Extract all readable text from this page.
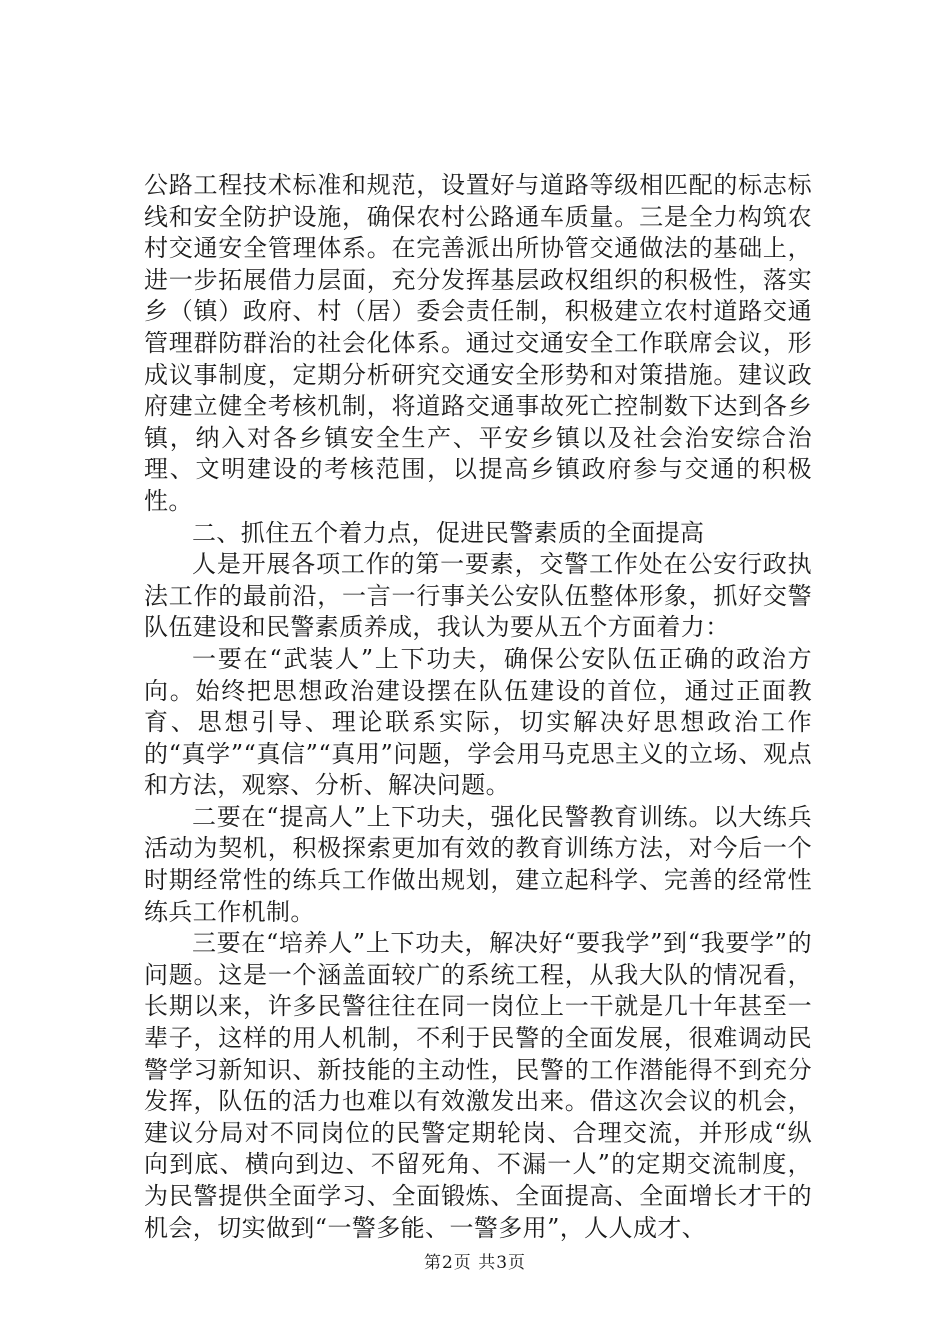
公路工程技术标准和规范，设置好与道路等级相匹配的标志标线和安全防护设施，确保农村公路通车质量。三是全力构筑农村交通安全管理体系。在完善派出所协管交通做法的基础上，进一步拓展借力层面，充分发挥基层政权组织的积极性，落实乡（镇）政府、村（居）委会责任制，积极建立农村道路交通管理群防群治的社会化体系。通过交通安全工作联席会议，形成议事制度，定期分析研究交通安全形势和对策措施。建议政府建立健全考核机制，将道路交通事故死亡控制数下达到各乡镇，纳入对各乡镇安全生产、平安乡镇以及社会治安综合治理、文明建设的考核范围，以提高乡镇政府参与交通的积极性。

二、抓住五个着力点，促进民警素质的全面提高

人是开展各项工作的第一要素，交警工作处在公安行政执法工作的最前沿，一言一行事关公安队伍整体形象，抓好交警队伍建设和民警素质养成，我认为要从五个方面着力：

一要在“武装人”上下功夫，确保公安队伍正确的政治方向。始终把思想政治建设摆在队伍建设的首位，通过正面教育、思想引导、理论联系实际，切实解决好思想政治工作的“真学”“真信”“真用”问题，学会用马克思主义的立场、观点和方法，观察、分析、解决问题。

二要在“提高人”上下功夫，强化民警教育训练。以大练兵活动为契机，积极探索更加有效的教育训练方法，对今后一个时期经常性的练兵工作做出规划，建立起科学、完善的经常性练兵工作机制。

三要在“培养人”上下功夫，解决好“要我学”到“我要学”的问题。这是一个涵盖面较广的系统工程，从我大队的情况看，长期以来，许多民警往往在同一岗位上一干就是几十年甚至一辈子，这样的用人机制，不利于民警的全面发展，很难调动民警学习新知识、新技能的主动性，民警的工作潜能得不到充分发挥，队伍的活力也难以有效激发出来。借这次会议的机会，建议分局对不同岗位的民警定期轮岗、合理交流，并形成“纵向到底、横向到边、不留死角、不漏一人”的定期交流制度，为民警提供全面学习、全面锻炼、全面提高、全面增长才干的机会，切实做到“一警多能、一警多用”，人人成才、

第2页 共3页
